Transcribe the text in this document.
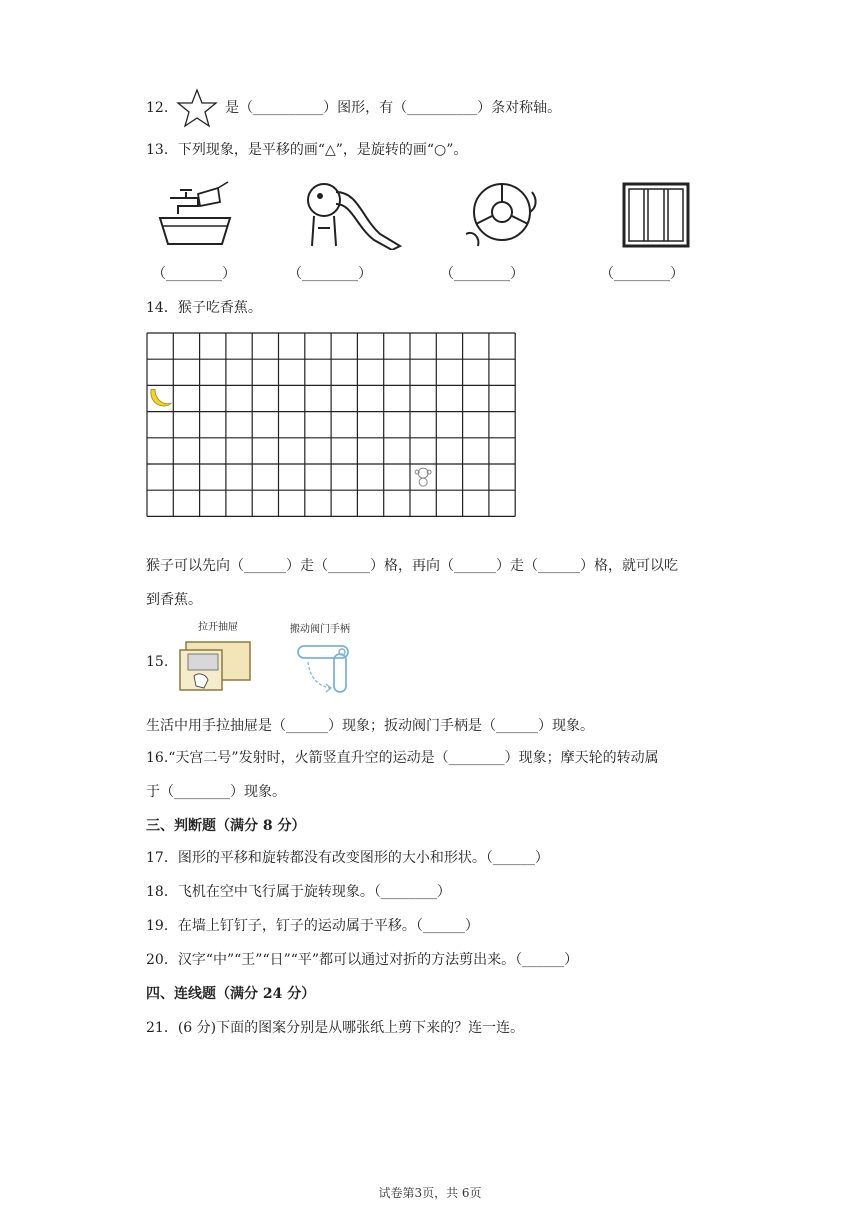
12.	是（__________）图形，有（__________）条对称轴。
13．下列现象，是平移的画“△”，是旋转的画“○”。
（________）	（________）	（________）	（________）
14．猴子吃香蕉。
猴子可以先向（______）走（______）格，再向（______）走（______）格，就可以吃
到香蕉。
拉开抽屉	搬动阀门手柄
15.
生活中用手拉抽屉是（______）现象；扳动阀门手柄是（______）现象。
16.“天宫二号”发射时，火箭竖直升空的运动是（________）现象；摩天轮的转动属
于（________）现象。
三、判断题（满分 8 分）
17．图形的平移和旋转都没有改变图形的大小和形状。（______）
18．飞机在空中飞行属于旋转现象。（________）
19．在墙上钉钉子，钉子的运动属于平移。（______）
20．汉字“中”“王”“日”“平”都可以通过对折的方法剪出来。（______）
四、连线题（满分 24 分）
21．(6 分)下面的图案分别是从哪张纸上剪下来的？连一连。
试卷第3页，共 6页
